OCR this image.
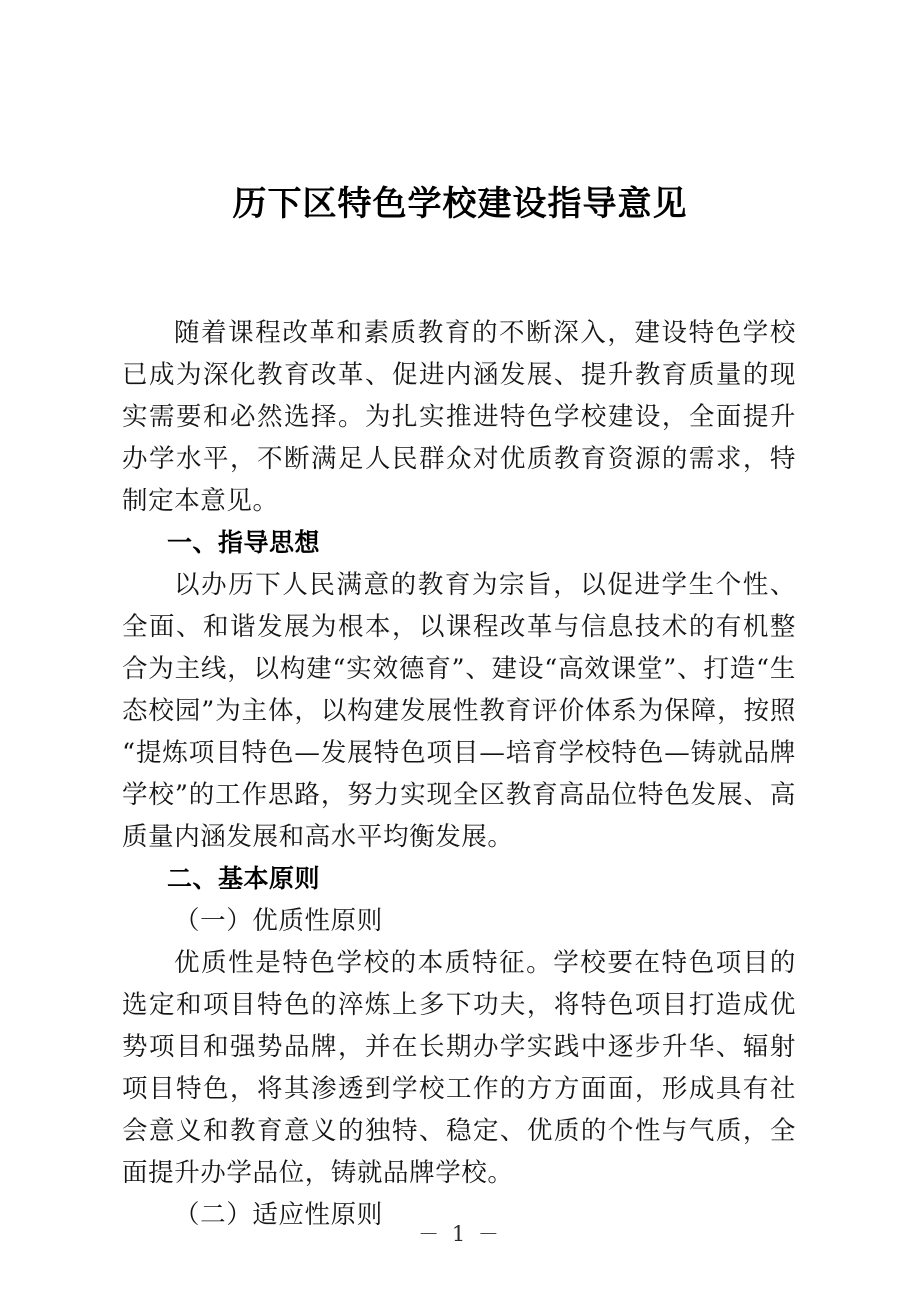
历下区特色学校建设指导意见

随着课程改革和素质教育的不断深入，建设特色学校已成为深化教育改革、促进内涵发展、提升教育质量的现实需要和必然选择。为扎实推进特色学校建设，全面提升办学水平，不断满足人民群众对优质教育资源的需求，特制定本意见。

一、指导思想

以办历下人民满意的教育为宗旨，以促进学生个性、全面、和谐发展为根本，以课程改革与信息技术的有机整合为主线，以构建“实效德育”、建设“高效课堂”、打造“生态校园”为主体，以构建发展性教育评价体系为保障，按照“提炼项目特色—发展特色项目—培育学校特色—铸就品牌学校”的工作思路，努力实现全区教育高品位特色发展、高质量内涵发展和高水平均衡发展。

二、基本原则

（一）优质性原则

优质性是特色学校的本质特征。学校要在特色项目的选定和项目特色的淬炼上多下功夫，将特色项目打造成优势项目和强势品牌，并在长期办学实践中逐步升华、辐射项目特色，将其渗透到学校工作的方方面面，形成具有社会意义和教育意义的独特、稳定、优质的个性与气质，全面提升办学品位，铸就品牌学校。

（二）适应性原则

－ 1 －
